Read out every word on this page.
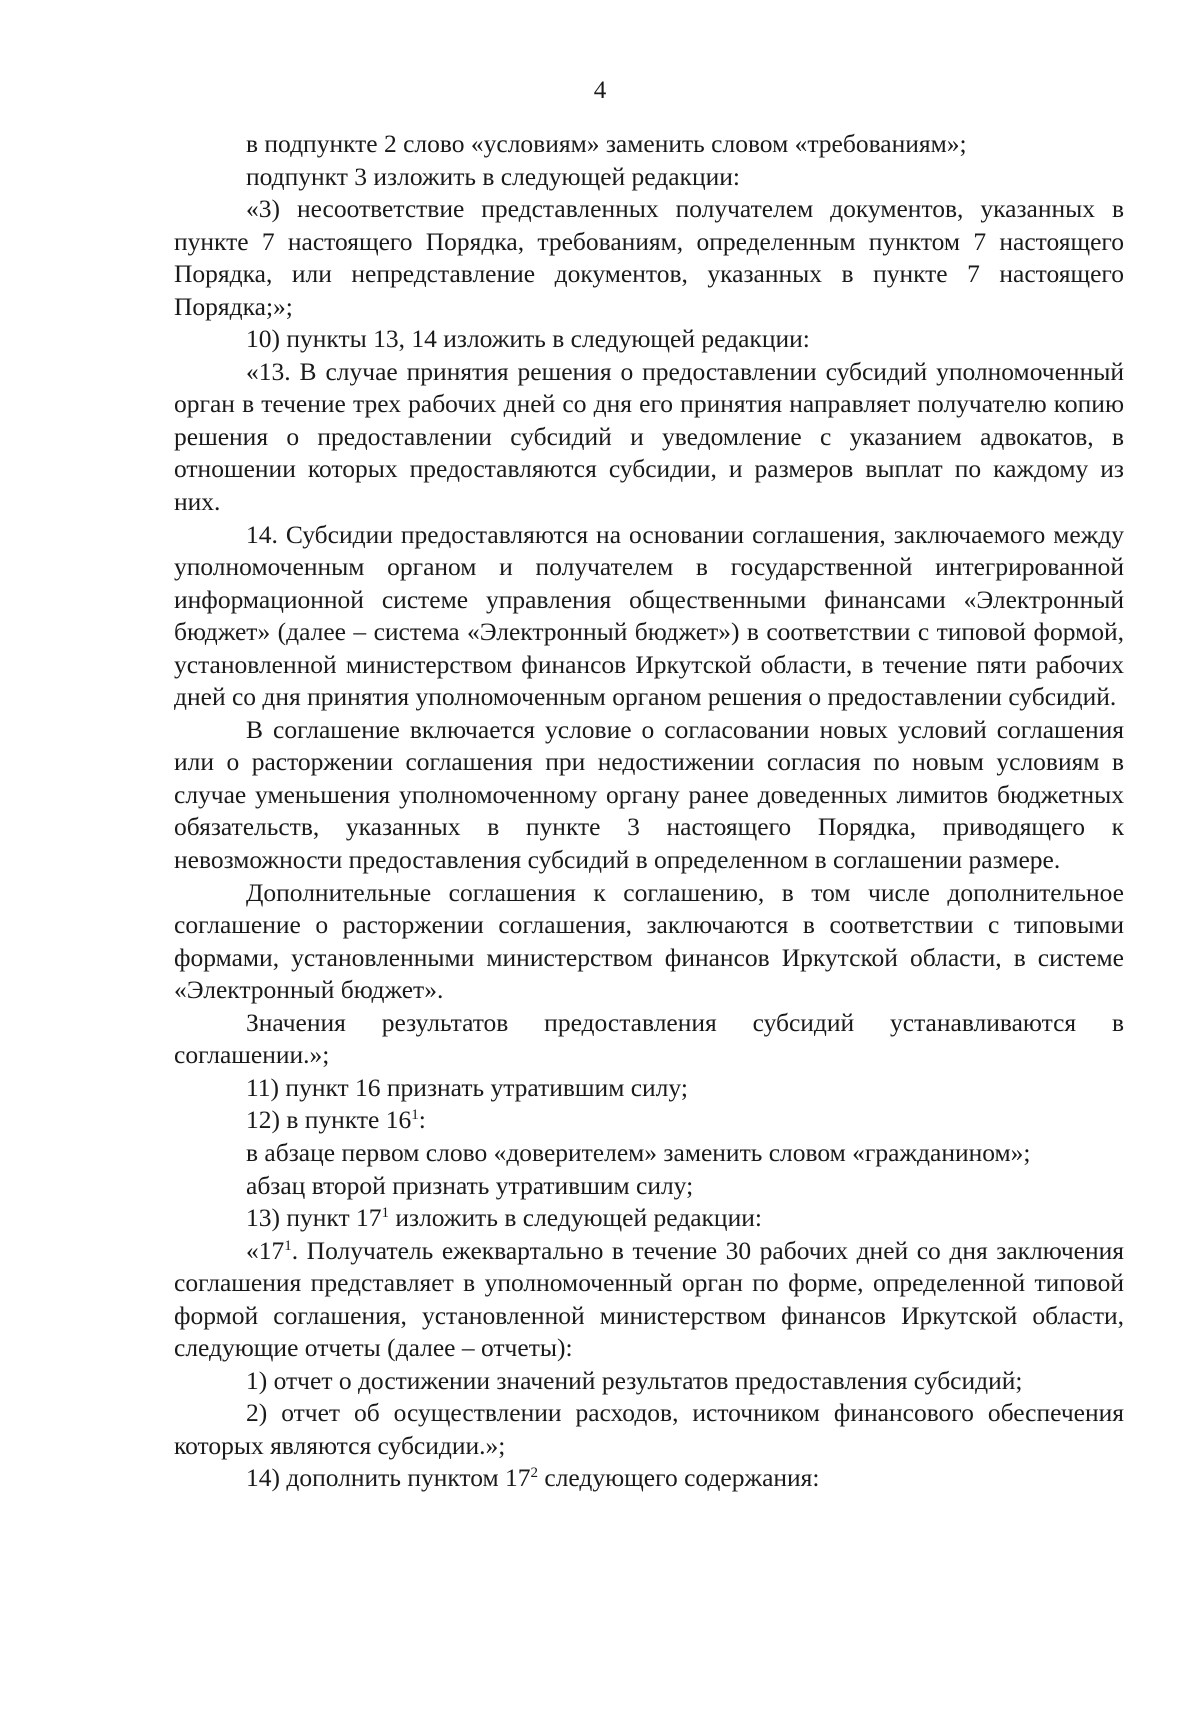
4

в подпункте 2 слово «условиям» заменить словом «требованиям»;

подпункт 3 изложить в следующей редакции:

«3) несоответствие представленных получателем документов, указанных в пункте 7 настоящего Порядка, требованиям, определенным пунктом 7 настоящего Порядка, или непредставление документов, указанных в пункте 7 настоящего Порядка;»;

10) пункты 13, 14 изложить в следующей редакции:

«13. В случае принятия решения о предоставлении субсидий уполномоченный орган в течение трех рабочих дней со дня его принятия направляет получателю копию решения о предоставлении субсидий и уведомление с указанием адвокатов, в отношении которых предоставляются субсидии, и размеров выплат по каждому из них.

14. Субсидии предоставляются на основании соглашения, заключаемого между уполномоченным органом и получателем в государственной интегрированной информационной системе управления общественными финансами «Электронный бюджет» (далее – система «Электронный бюджет») в соответствии с типовой формой, установленной министерством финансов Иркутской области, в течение пяти рабочих дней со дня принятия уполномоченным органом решения о предоставлении субсидий.

В соглашение включается условие о согласовании новых условий соглашения или о расторжении соглашения при недостижении согласия по новым условиям в случае уменьшения уполномоченному органу ранее доведенных лимитов бюджетных обязательств, указанных в пункте 3 настоящего Порядка, приводящего к невозможности предоставления субсидий в определенном в соглашении размере.

Дополнительные соглашения к соглашению, в том числе дополнительное соглашение о расторжении соглашения, заключаются в соответствии с типовыми формами, установленными министерством финансов Иркутской области, в системе «Электронный бюджет».

Значения результатов предоставления субсидий устанавливаются в соглашении.»;

11) пункт 16 признать утратившим силу;

12) в пункте $16^1$:

в абзаце первом слово «доверителем» заменить словом «гражданином»;

абзац второй признать утратившим силу;

13) пункт $17^1$ изложить в следующей редакции:

«$17^1$. Получатель ежеквартально в течение 30 рабочих дней со дня заключения соглашения представляет в уполномоченный орган по форме, определенной типовой формой соглашения, установленной министерством финансов Иркутской области, следующие отчеты (далее – отчеты):

1) отчет о достижении значений результатов предоставления субсидий;

2) отчет об осуществлении расходов, источником финансового обеспечения которых являются субсидии.»;

14) дополнить пунктом $17^2$ следующего содержания:
